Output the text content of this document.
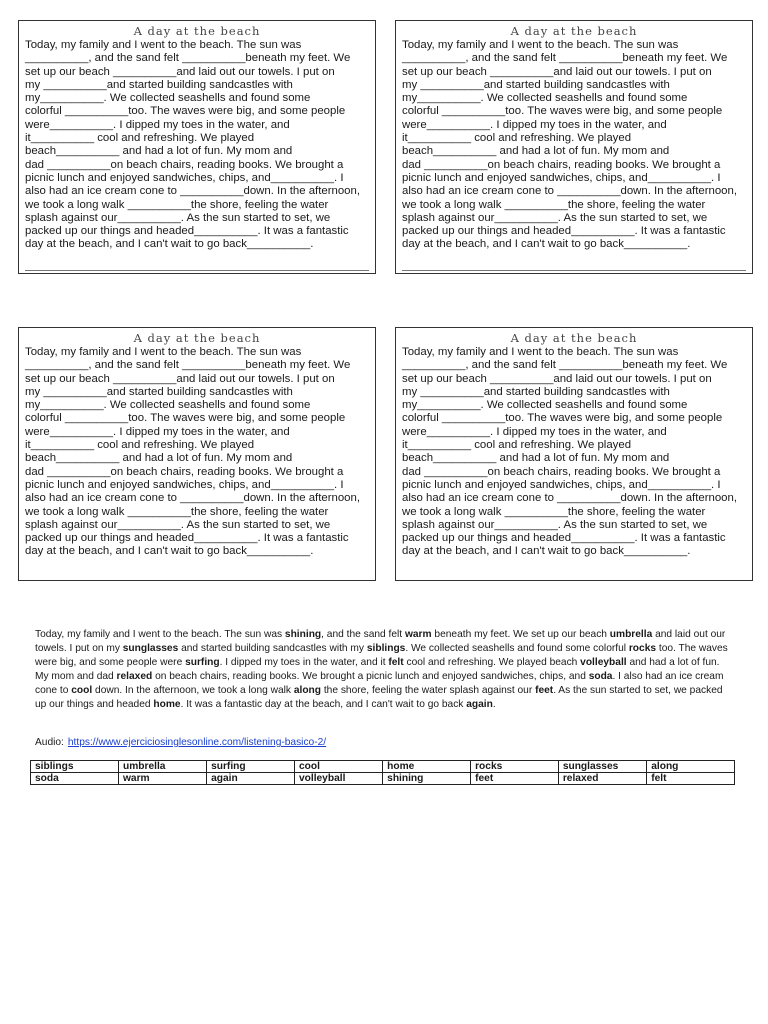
A day at the beach
Today, my family and I went to the beach. The sun was
__________, and the sand felt __________beneath my feet. We
set up our beach __________and laid out our towels. I put on
my __________and started building sandcastles with
my__________. We collected seashells and found some
colorful __________too. The waves were big, and some people
were__________. I dipped my toes in the water, and
it__________ cool and refreshing. We played
beach__________ and had a lot of fun. My mom and
dad __________on beach chairs, reading books. We brought a
picnic lunch and enjoyed sandwiches, chips, and__________. I
also had an ice cream cone to __________down. In the afternoon,
we took a long walk __________the shore, feeling the water
splash against our__________. As the sun started to set, we
packed up our things and headed__________. It was a fantastic
day at the beach, and I can't wait to go back__________.
A day at the beach
Today, my family and I went to the beach. The sun was
__________, and the sand felt __________beneath my feet. We
set up our beach __________and laid out our towels. I put on
my __________and started building sandcastles with
my__________. We collected seashells and found some
colorful __________too. The waves were big, and some people
were__________. I dipped my toes in the water, and
it__________ cool and refreshing. We played
beach__________ and had a lot of fun. My mom and
dad __________on beach chairs, reading books. We brought a
picnic lunch and enjoyed sandwiches, chips, and__________. I
also had an ice cream cone to __________down. In the afternoon,
we took a long walk __________the shore, feeling the water
splash against our__________. As the sun started to set, we
packed up our things and headed__________. It was a fantastic
day at the beach, and I can't wait to go back__________.
A day at the beach
Today, my family and I went to the beach. The sun was
__________, and the sand felt __________beneath my feet. We
set up our beach __________and laid out our towels. I put on
my __________and started building sandcastles with
my__________. We collected seashells and found some
colorful __________too. The waves were big, and some people
were__________. I dipped my toes in the water, and
it__________ cool and refreshing. We played
beach__________ and had a lot of fun. My mom and
dad __________on beach chairs, reading books. We brought a
picnic lunch and enjoyed sandwiches, chips, and__________. I
also had an ice cream cone to __________down. In the afternoon,
we took a long walk __________the shore, feeling the water
splash against our__________. As the sun started to set, we
packed up our things and headed__________. It was a fantastic
day at the beach, and I can't wait to go back__________.
A day at the beach
Today, my family and I went to the beach. The sun was
__________, and the sand felt __________beneath my feet. We
set up our beach __________and laid out our towels. I put on
my __________and started building sandcastles with
my__________. We collected seashells and found some
colorful __________too. The waves were big, and some people
were__________. I dipped my toes in the water, and
it__________ cool and refreshing. We played
beach__________ and had a lot of fun. My mom and
dad __________on beach chairs, reading books. We brought a
picnic lunch and enjoyed sandwiches, chips, and__________. I
also had an ice cream cone to __________down. In the afternoon,
we took a long walk __________the shore, feeling the water
splash against our__________. As the sun started to set, we
packed up our things and headed__________. It was a fantastic
day at the beach, and I can't wait to go back__________.
Today, my family and I went to the beach. The sun was shining, and the sand felt warm beneath my feet. We set up our beach umbrella and laid out our towels. I put on my sunglasses and started building sandcastles with my siblings. We collected seashells and found some colorful rocks too. The waves were big, and some people were surfing. I dipped my toes in the water, and it felt cool and refreshing. We played beach volleyball and had a lot of fun. My mom and dad relaxed on beach chairs, reading books. We brought a picnic lunch and enjoyed sandwiches, chips, and soda. I also had an ice cream cone to cool down. In the afternoon, we took a long walk along the shore, feeling the water splash against our feet. As the sun started to set, we packed up our things and headed home. It was a fantastic day at the beach, and I can't wait to go back again.
Audio: https://www.ejerciciosinglesonline.com/listening-basico-2/
siblings	umbrella	surfing	cool	home	rocks	sunglasses	along
soda	warm	again	volleyball	shining	feet	relaxed	felt
